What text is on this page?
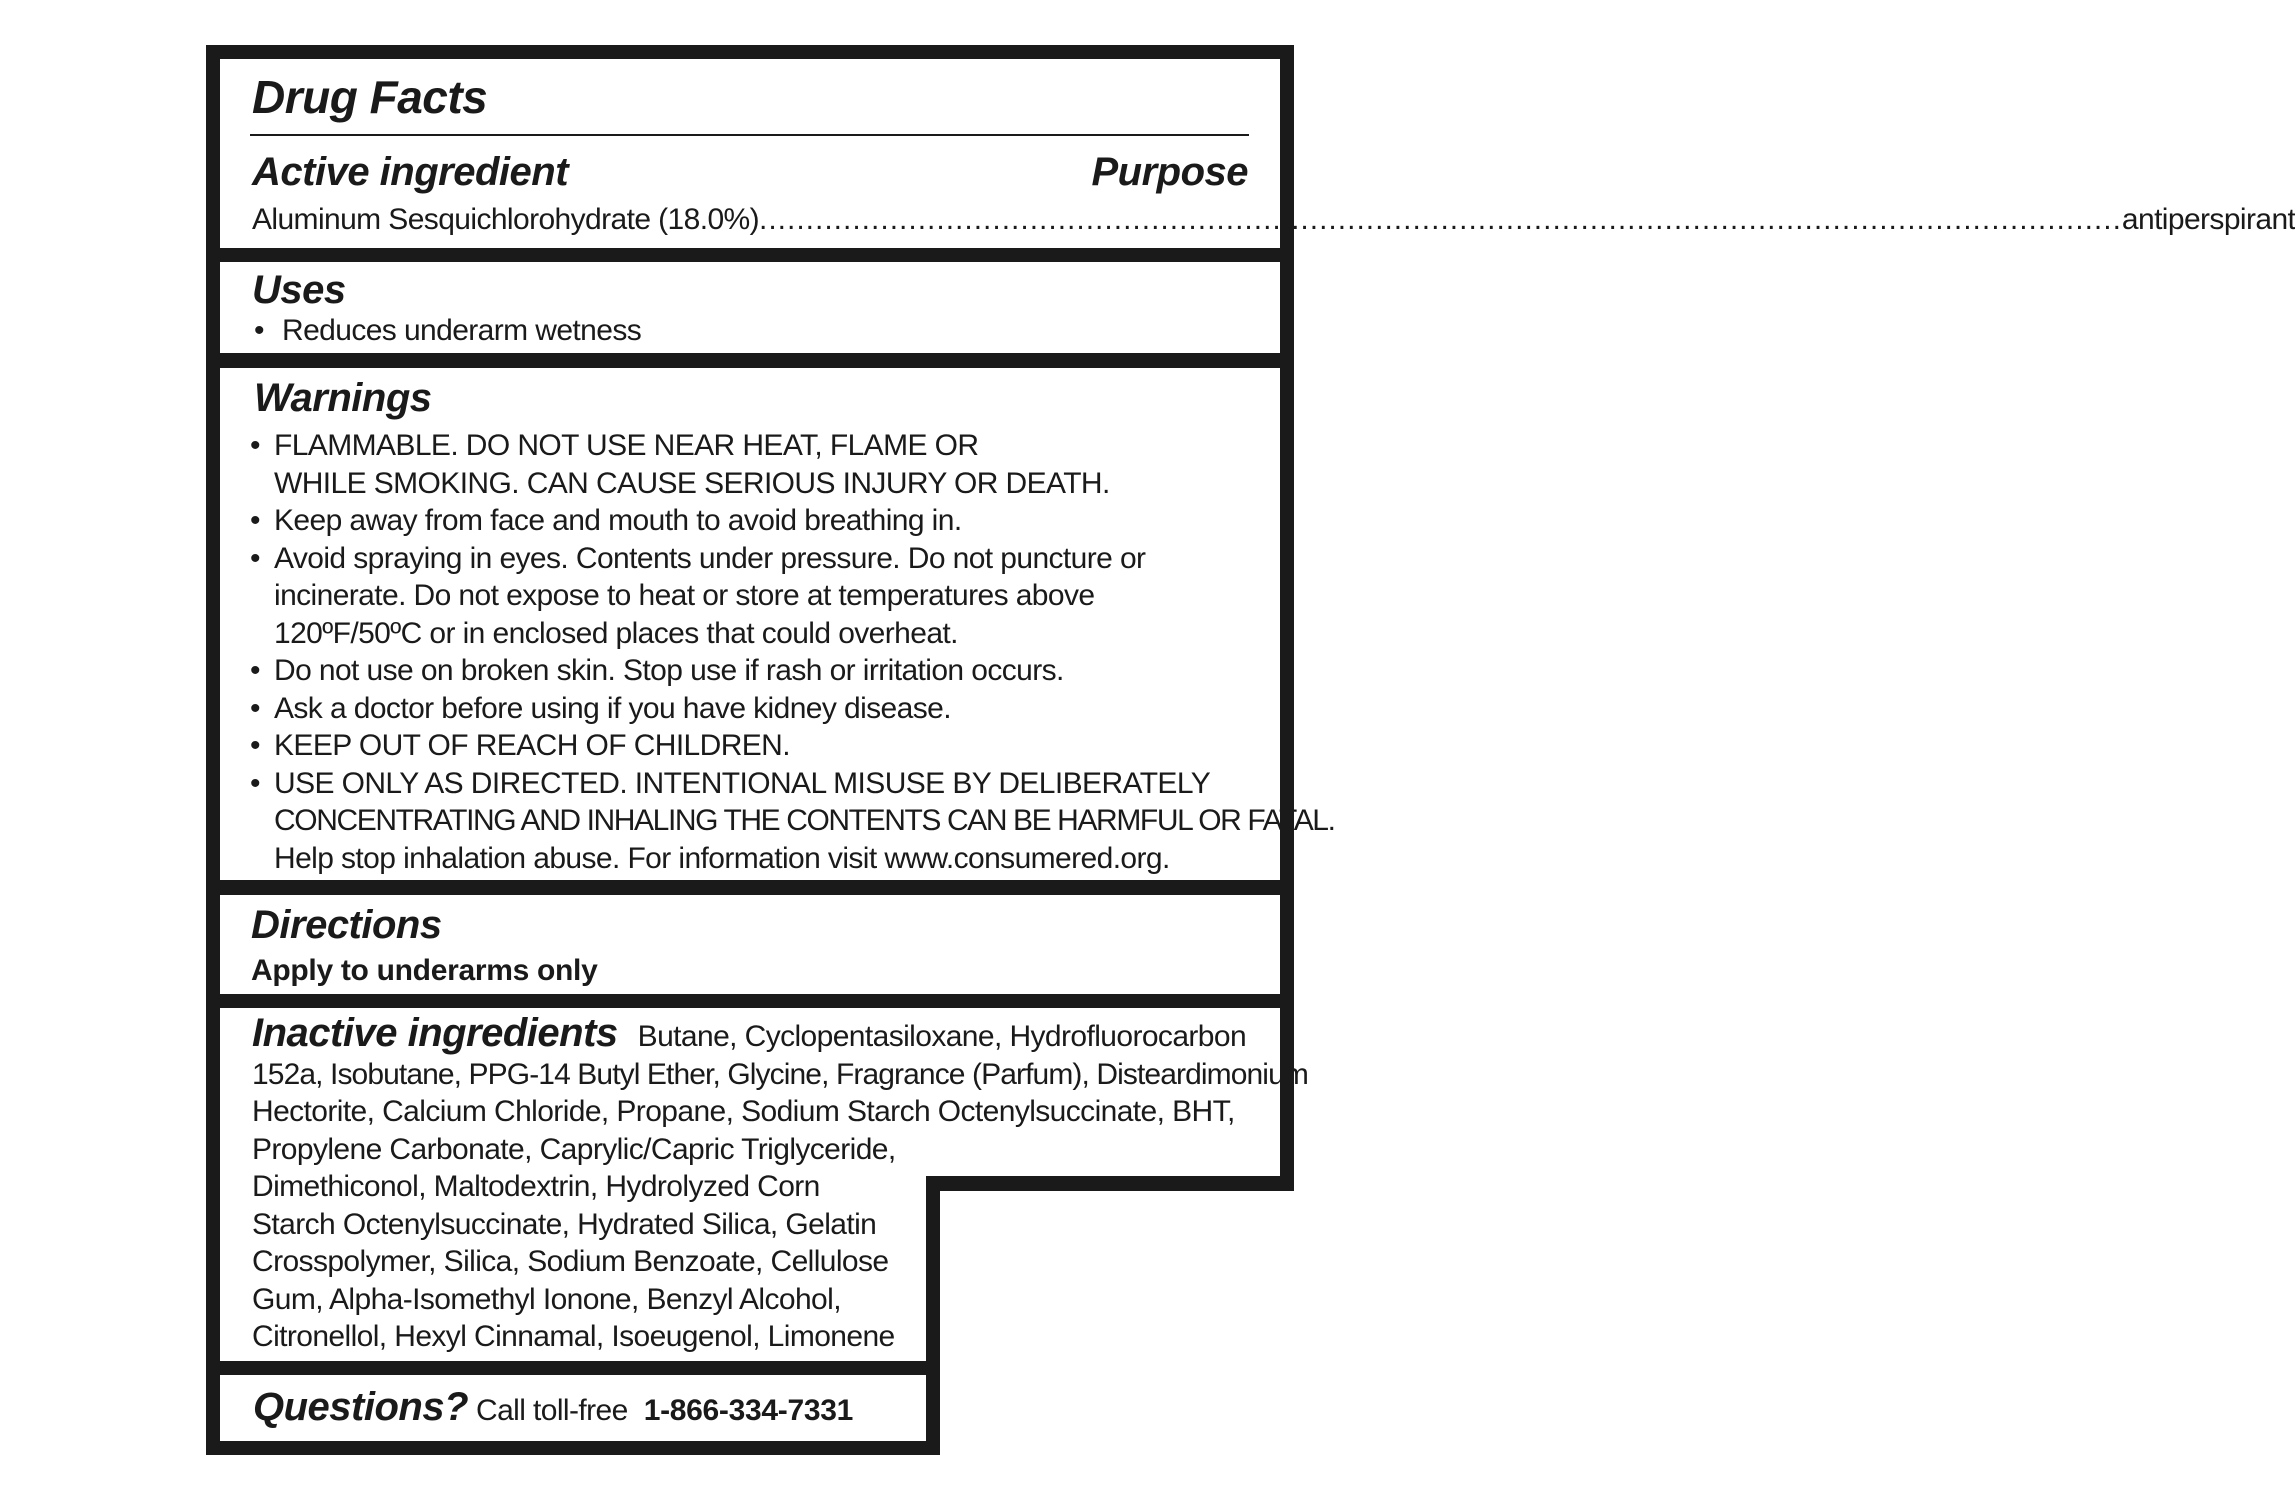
Drug Facts
Active ingredient	Purpose
Aluminum Sesquichlorohydrate (18.0%) .................................................................................................................................................. antiperspirant
Uses
• Reduces underarm wetness
Warnings
• FLAMMABLE. DO NOT USE NEAR HEAT, FLAME OR
WHILE SMOKING. CAN CAUSE SERIOUS INJURY OR DEATH.
• Keep away from face and mouth to avoid breathing in.
• Avoid spraying in eyes. Contents under pressure. Do not puncture or
incinerate. Do not expose to heat or store at temperatures above
120ºF/50ºC or in enclosed places that could overheat.
• Do not use on broken skin. Stop use if rash or irritation occurs.
• Ask a doctor before using if you have kidney disease.
• KEEP OUT OF REACH OF CHILDREN.
• USE ONLY AS DIRECTED. INTENTIONAL MISUSE BY DELIBERATELY
CONCENTRATING AND INHALING THE CONTENTS CAN BE HARMFUL OR FATAL.
Help stop inhalation abuse. For information visit www.consumered.org.
Directions
Apply to underarms only
Inactive ingredients Butane, Cyclopentasiloxane, Hydrofluorocarbon
152a, Isobutane, PPG-14 Butyl Ether, Glycine, Fragrance (Parfum), Disteardimonium
Hectorite, Calcium Chloride, Propane, Sodium Starch Octenylsuccinate, BHT,
Propylene Carbonate, Caprylic/Capric Triglyceride,
Dimethiconol, Maltodextrin, Hydrolyzed Corn
Starch Octenylsuccinate, Hydrated Silica, Gelatin
Crosspolymer, Silica, Sodium Benzoate, Cellulose
Gum, Alpha-Isomethyl Ionone, Benzyl Alcohol,
Citronellol, Hexyl Cinnamal, Isoeugenol, Limonene
Questions? Call toll-free 1-866-334-7331
